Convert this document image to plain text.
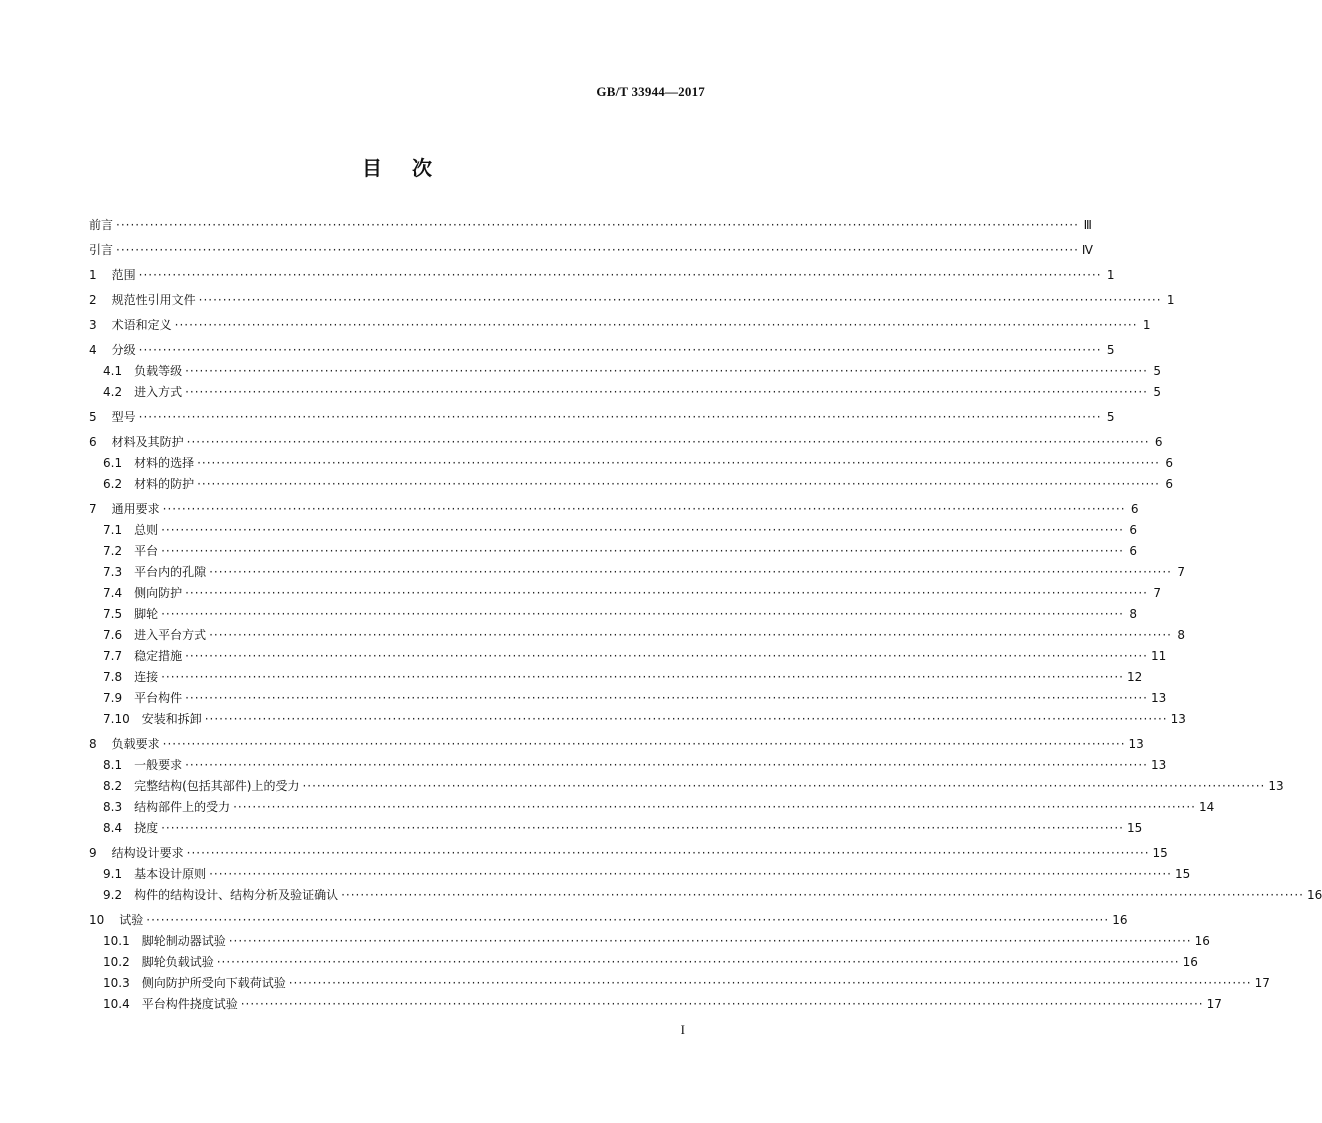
GB/T 33944—2017
目 次
前言 ········································································································································································································ Ⅲ
引言 ········································································································································································································ Ⅳ
1 范围 ········································································································································································································ 1
2 规范性引用文件 ········································································································································································································ 1
3 术语和定义 ········································································································································································································ 1
4 分级 ········································································································································································································ 5
4.1 负载等级 ········································································································································································································ 5
4.2 进入方式 ········································································································································································································ 5
5 型号 ········································································································································································································ 5
6 材料及其防护 ········································································································································································································ 6
6.1 材料的选择 ········································································································································································································ 6
6.2 材料的防护 ········································································································································································································ 6
7 通用要求 ········································································································································································································ 6
7.1 总则 ········································································································································································································ 6
7.2 平台 ········································································································································································································ 6
7.3 平台内的孔隙 ········································································································································································································ 7
7.4 侧向防护 ········································································································································································································ 7
7.5 脚轮 ········································································································································································································ 8
7.6 进入平台方式 ········································································································································································································ 8
7.7 稳定措施 ········································································································································································································ 11
7.8 连接 ········································································································································································································ 12
7.9 平台构件 ········································································································································································································ 13
7.10 安装和拆卸 ········································································································································································································ 13
8 负载要求 ········································································································································································································ 13
8.1 一般要求 ········································································································································································································ 13
8.2 完整结构(包括其部件)上的受力 ········································································································································································································ 13
8.3 结构部件上的受力 ········································································································································································································ 14
8.4 挠度 ········································································································································································································ 15
9 结构设计要求 ········································································································································································································ 15
9.1 基本设计原则 ········································································································································································································ 15
9.2 构件的结构设计、结构分析及验证确认 ········································································································································································································ 16
10 试验 ········································································································································································································ 16
10.1 脚轮制动器试验 ········································································································································································································ 16
10.2 脚轮负载试验 ········································································································································································································ 16
10.3 侧向防护所受向下载荷试验 ········································································································································································································ 17
10.4 平台构件挠度试验 ········································································································································································································ 17
I
